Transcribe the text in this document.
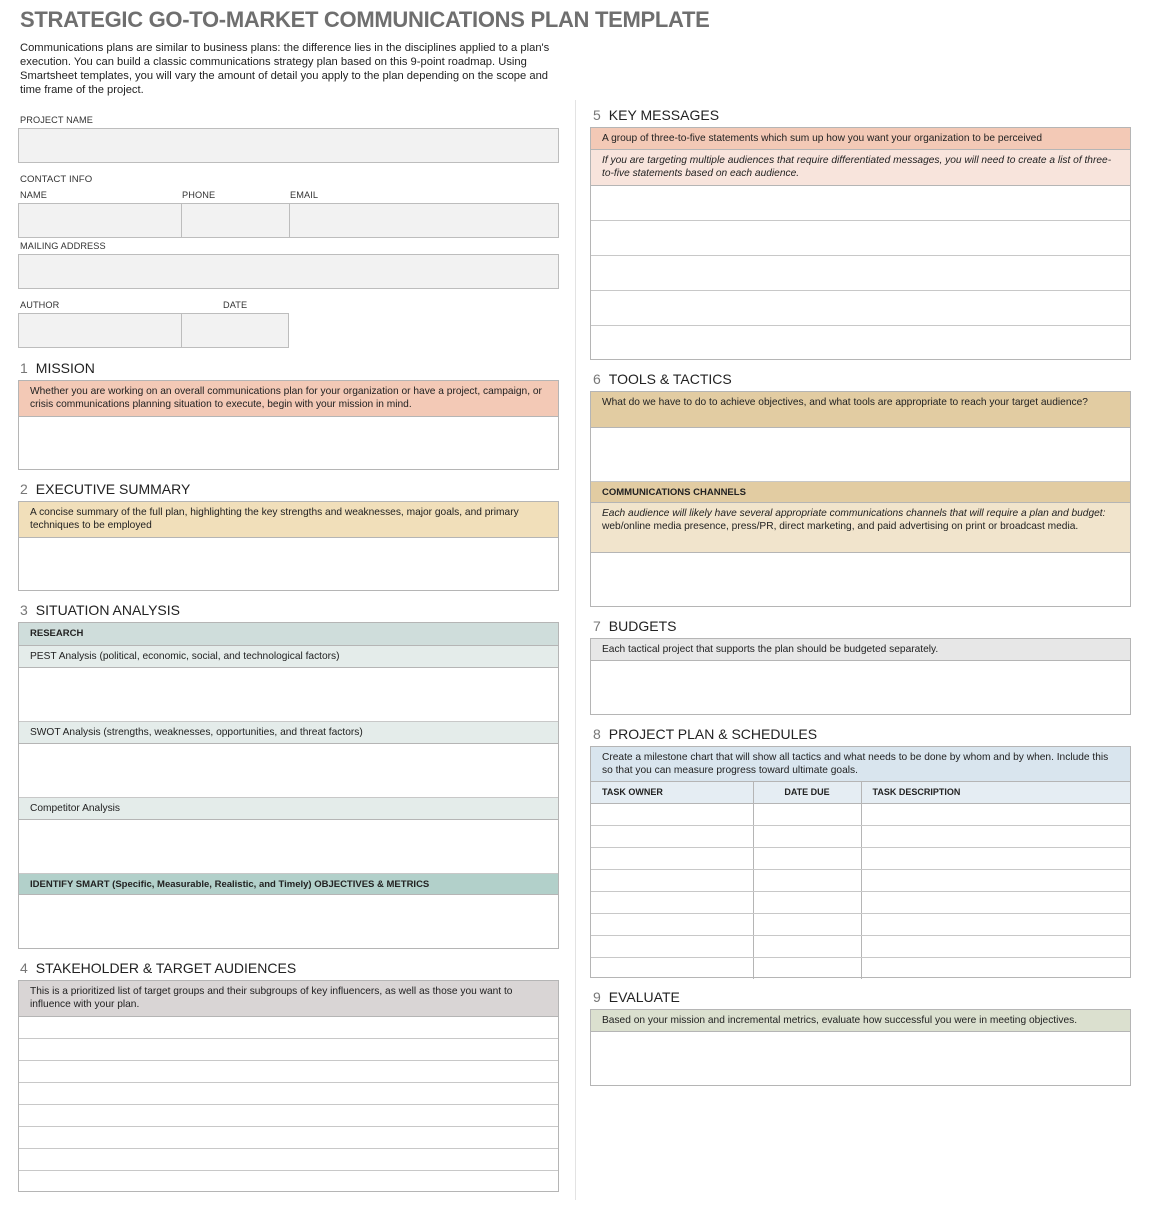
STRATEGIC GO-TO-MARKET COMMUNICATIONS PLAN TEMPLATE
Communications plans are similar to business plans: the difference lies in the disciplines applied to a plan's execution. You can build a classic communications strategy plan based on this 9-point roadmap. Using Smartsheet templates, you will vary the amount of detail you apply to the plan depending on the scope and time frame of the project.
PROJECT NAME
CONTACT INFO
NAME	PHONE	EMAIL
MAILING ADDRESS
AUTHOR	DATE
1 MISSION
Whether you are working on an overall communications plan for your organization or have a project, campaign, or crisis communications planning situation to execute, begin with your mission in mind.
2 EXECUTIVE SUMMARY
A concise summary of the full plan, highlighting the key strengths and weaknesses, major goals, and primary techniques to be employed
3 SITUATION ANALYSIS
RESEARCH
PEST Analysis (political, economic, social, and technological factors)
SWOT Analysis (strengths, weaknesses, opportunities, and threat factors)
Competitor Analysis
IDENTIFY SMART (Specific, Measurable, Realistic, and Timely) OBJECTIVES & METRICS
4 STAKEHOLDER & TARGET AUDIENCES
This is a prioritized list of target groups and their subgroups of key influencers, as well as those you want to influence with your plan.
5 KEY MESSAGES
A group of three-to-five statements which sum up how you want your organization to be perceived
If you are targeting multiple audiences that require differentiated messages, you will need to create a list of three-to-five statements based on each audience.
6 TOOLS & TACTICS
What do we have to do to achieve objectives, and what tools are appropriate to reach your target audience?
COMMUNICATIONS CHANNELS
Each audience will likely have several appropriate communications channels that will require a plan and budget:
web/online media presence, press/PR, direct marketing, and paid advertising on print or broadcast media.
7 BUDGETS
Each tactical project that supports the plan should be budgeted separately.
8 PROJECT PLAN & SCHEDULES
Create a milestone chart that will show all tactics and what needs to be done by whom and by when. Include this so that you can measure progress toward ultimate goals.
TASK OWNER	DATE DUE	TASK DESCRIPTION

9 EVALUATE
Based on your mission and incremental metrics, evaluate how successful you were in meeting objectives.
